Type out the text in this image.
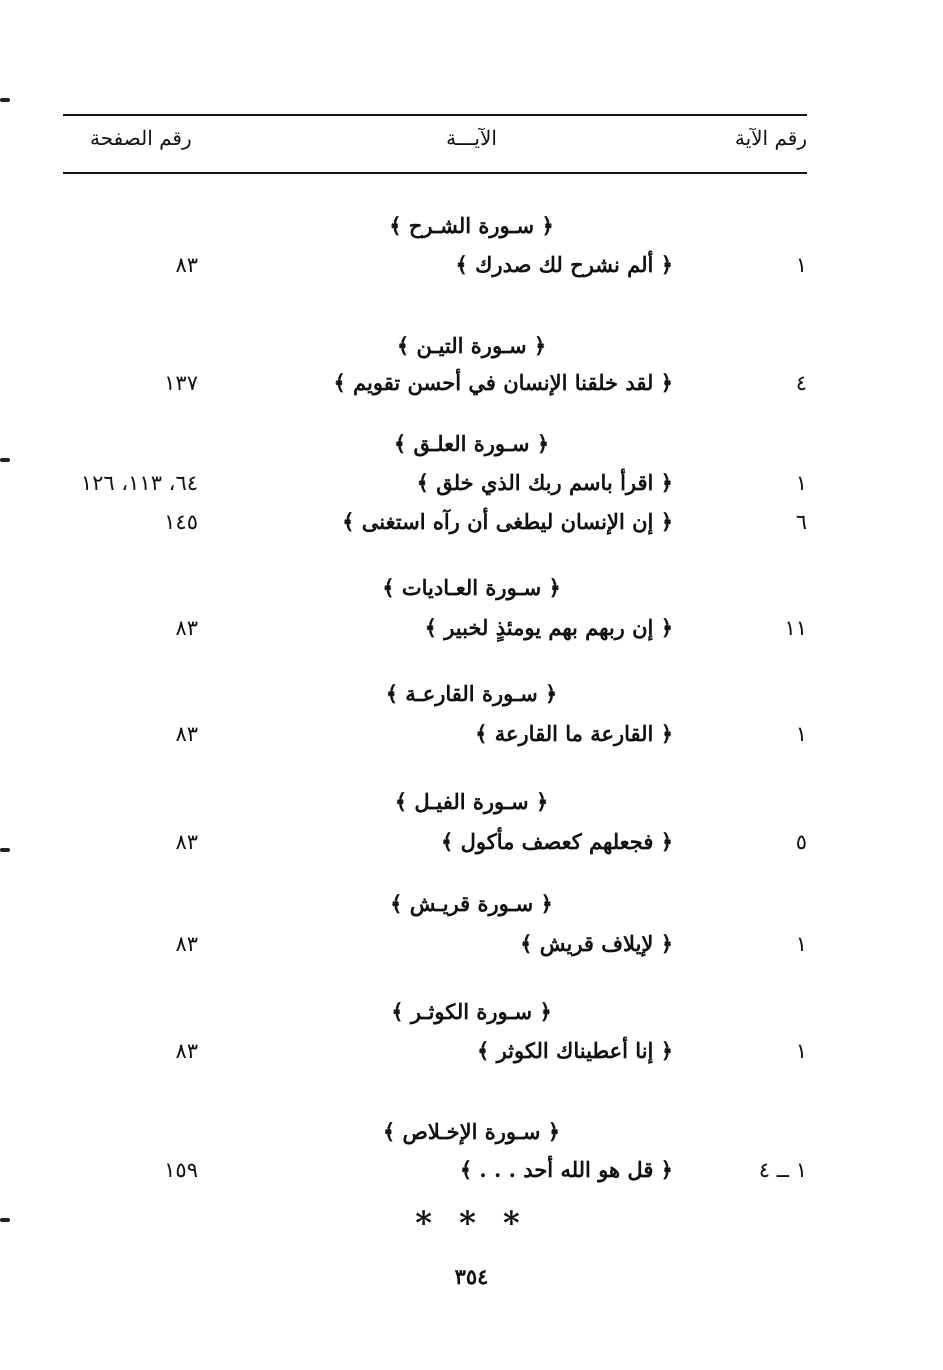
رقم الآية
الآيـــة
رقم الصفحة
﴿ سـورة الشـرح ﴾
١
﴿ ألم نشرح لك صدرك ﴾
٨٣
﴿ سـورة التيـن ﴾
٤
﴿ لقد خلقنا الإنسان في أحسن تقويم ﴾
١٣٧
﴿ سـورة العلـق ﴾
١
﴿ اقرأ باسم ربك الذي خلق ﴾
٦٤، ١١٣، ١٢٦
٦
﴿ إن الإنسان ليطغى أن رآه استغنى ﴾
١٤٥
﴿ سـورة العـاديات ﴾
١١
﴿ إن ربهم بهم يومئذٍ لخبير ﴾
٨٣
﴿ سـورة القارعـة ﴾
١
﴿ القارعة ما القارعة ﴾
٨٣
﴿ سـورة الفيـل ﴾
٥
﴿ فجعلهم كعصف مأكول ﴾
٨٣
﴿ سـورة قريـش ﴾
١
﴿ لإيلاف قريش ﴾
٨٣
﴿ سـورة الكوثـر ﴾
١
﴿ إنا أعطيناك الكوثر ﴾
٨٣
﴿ سـورة الإخـلاص ﴾
١ ــ ٤
﴿ قل هو الله أحد . . . ﴾
١٥٩
* * *
٣٥٤
